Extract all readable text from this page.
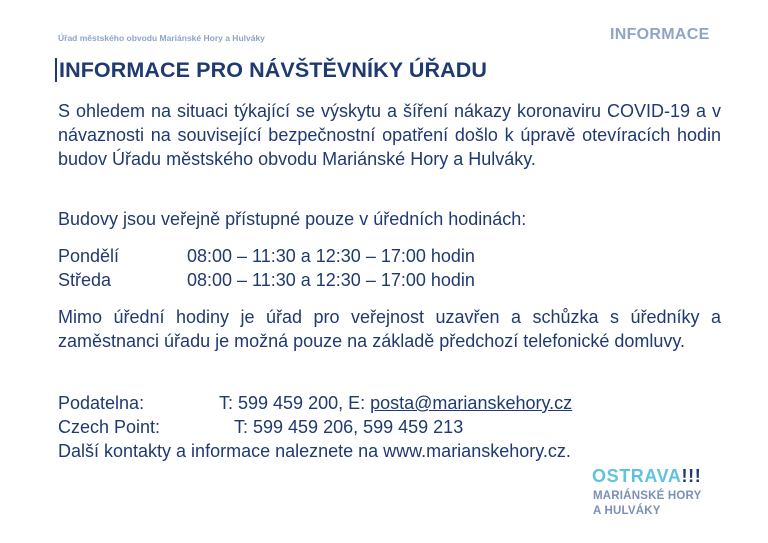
Úřad městského obvodu Mariánské Hory a Hulváky	INFORMACE
INFORMACE PRO NÁVŠTĚVNÍKY ÚŘADU
S ohledem na situaci týkající se výskytu a šíření nákazy koronaviru COVID-19 a v návaznosti na související bezpečnostní opatření došlo k úpravě otevíracích hodin budov Úřadu městského obvodu Mariánské Hory a Hulváky.
Budovy jsou veřejně přístupné pouze v úředních hodinách:
Pondělí	08:00 – 11:30 a 12:30 – 17:00 hodin
Středa	08:00 – 11:30 a 12:30 – 17:00 hodin
Mimo úřední hodiny je úřad pro veřejnost uzavřen a schůzka s úředníky a zaměstnanci úřadu je možná pouze na základě předchozí telefonické domluvy.
Podatelna:	T: 599 459 200, E: posta@marianskehory.cz
Czech Point:	T: 599 459 206, 599 459 213
Další kontakty a informace naleznete na www.marianskehory.cz.
OSTRAVA!!!
MARIÁNSKÉ HORY
A HULVÁKY
